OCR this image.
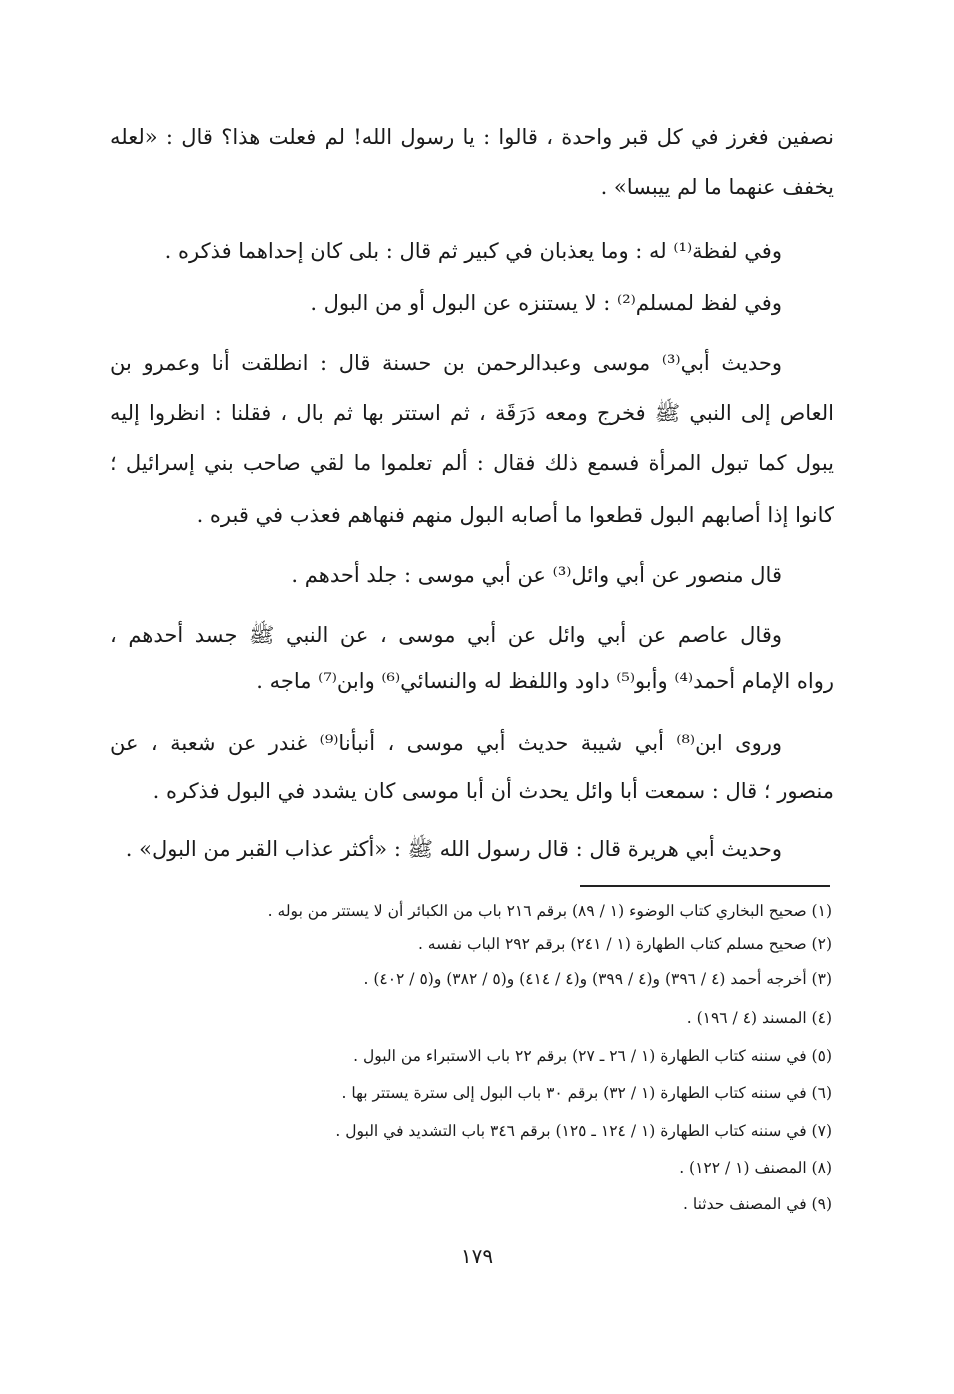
نصفين فغرز في كل قبر واحدة ، قالوا : يا رسول الله! لم فعلت هذا؟ قال : «لعله
يخفف عنهما ما لم ييبسا» .
وفي لفظة⁽¹⁾ له : وما يعذبان في كبير ثم قال : بلى كان إحداهما فذكره .
وفي لفظ لمسلم⁽²⁾ : لا يستنزه عن البول أو من البول .
وحديث أبي⁽³⁾ موسى وعبدالرحمن بن حسنة قال : انطلقت أنا وعمرو بن
العاص إلى النبي ﷺ فخرج ومعه دَرَقَة ، ثم استتر بها ثم بال ، فقلنا : انظروا إليه
يبول كما تبول المرأة فسمع ذلك فقال : ألم تعلموا ما لقي صاحب بني إسرائيل ؛
كانوا إذا أصابهم البول قطعوا ما أصابه البول منهم فنهاهم فعذب في قبره .
قال منصور عن أبي وائل⁽³⁾ عن أبي موسى : جلد أحدهم .
وقال عاصم عن أبي وائل عن أبي موسى ، عن النبي ﷺ جسد أحدهم ،
رواه الإمام أحمد⁽⁴⁾ وأبو⁽⁵⁾ داود واللفظ له والنسائي⁽⁶⁾ وابن⁽⁷⁾ ماجه .
وروى ابن⁽⁸⁾ أبي شيبة حديث أبي موسى ، أنبأنا⁽⁹⁾ غندر عن شعبة ، عن
منصور ؛ قال : سمعت أبا وائل يحدث أن أبا موسى كان يشدد في البول فذكره .
وحديث أبي هريرة قال : قال رسول الله ﷺ : «أكثر عذاب القبر من البول» .
(١) صحيح البخاري كتاب الوضوء (١ / ٨٩) برقم ٢١٦ باب من الكبائر أن لا يستتر من بوله .
(٢) صحيح مسلم كتاب الطهارة (١ / ٢٤١) برقم ٢٩٢ الباب نفسه .
(٣) أخرجه أحمد (٤ / ٣٩٦) و(٤ / ٣٩٩) و(٤ / ٤١٤) و(٥ / ٣٨٢) و(٥ / ٤٠٢) .
(٤) المسند (٤ / ١٩٦) .
(٥) في سننه كتاب الطهارة (١ / ٢٦ ـ ٢٧) برقم ٢٢ باب الاستبراء من البول .
(٦) في سننه كتاب الطهارة (١ / ٣٢) برقم ٣٠ باب البول إلى سترة يستتر بها .
(٧) في سننه كتاب الطهارة (١ / ١٢٤ ـ ١٢٥) برقم ٣٤٦ باب التشديد في البول .
(٨) المصنف (١ / ١٢٢) .
(٩) في المصنف حدثنا .
١٧٩
